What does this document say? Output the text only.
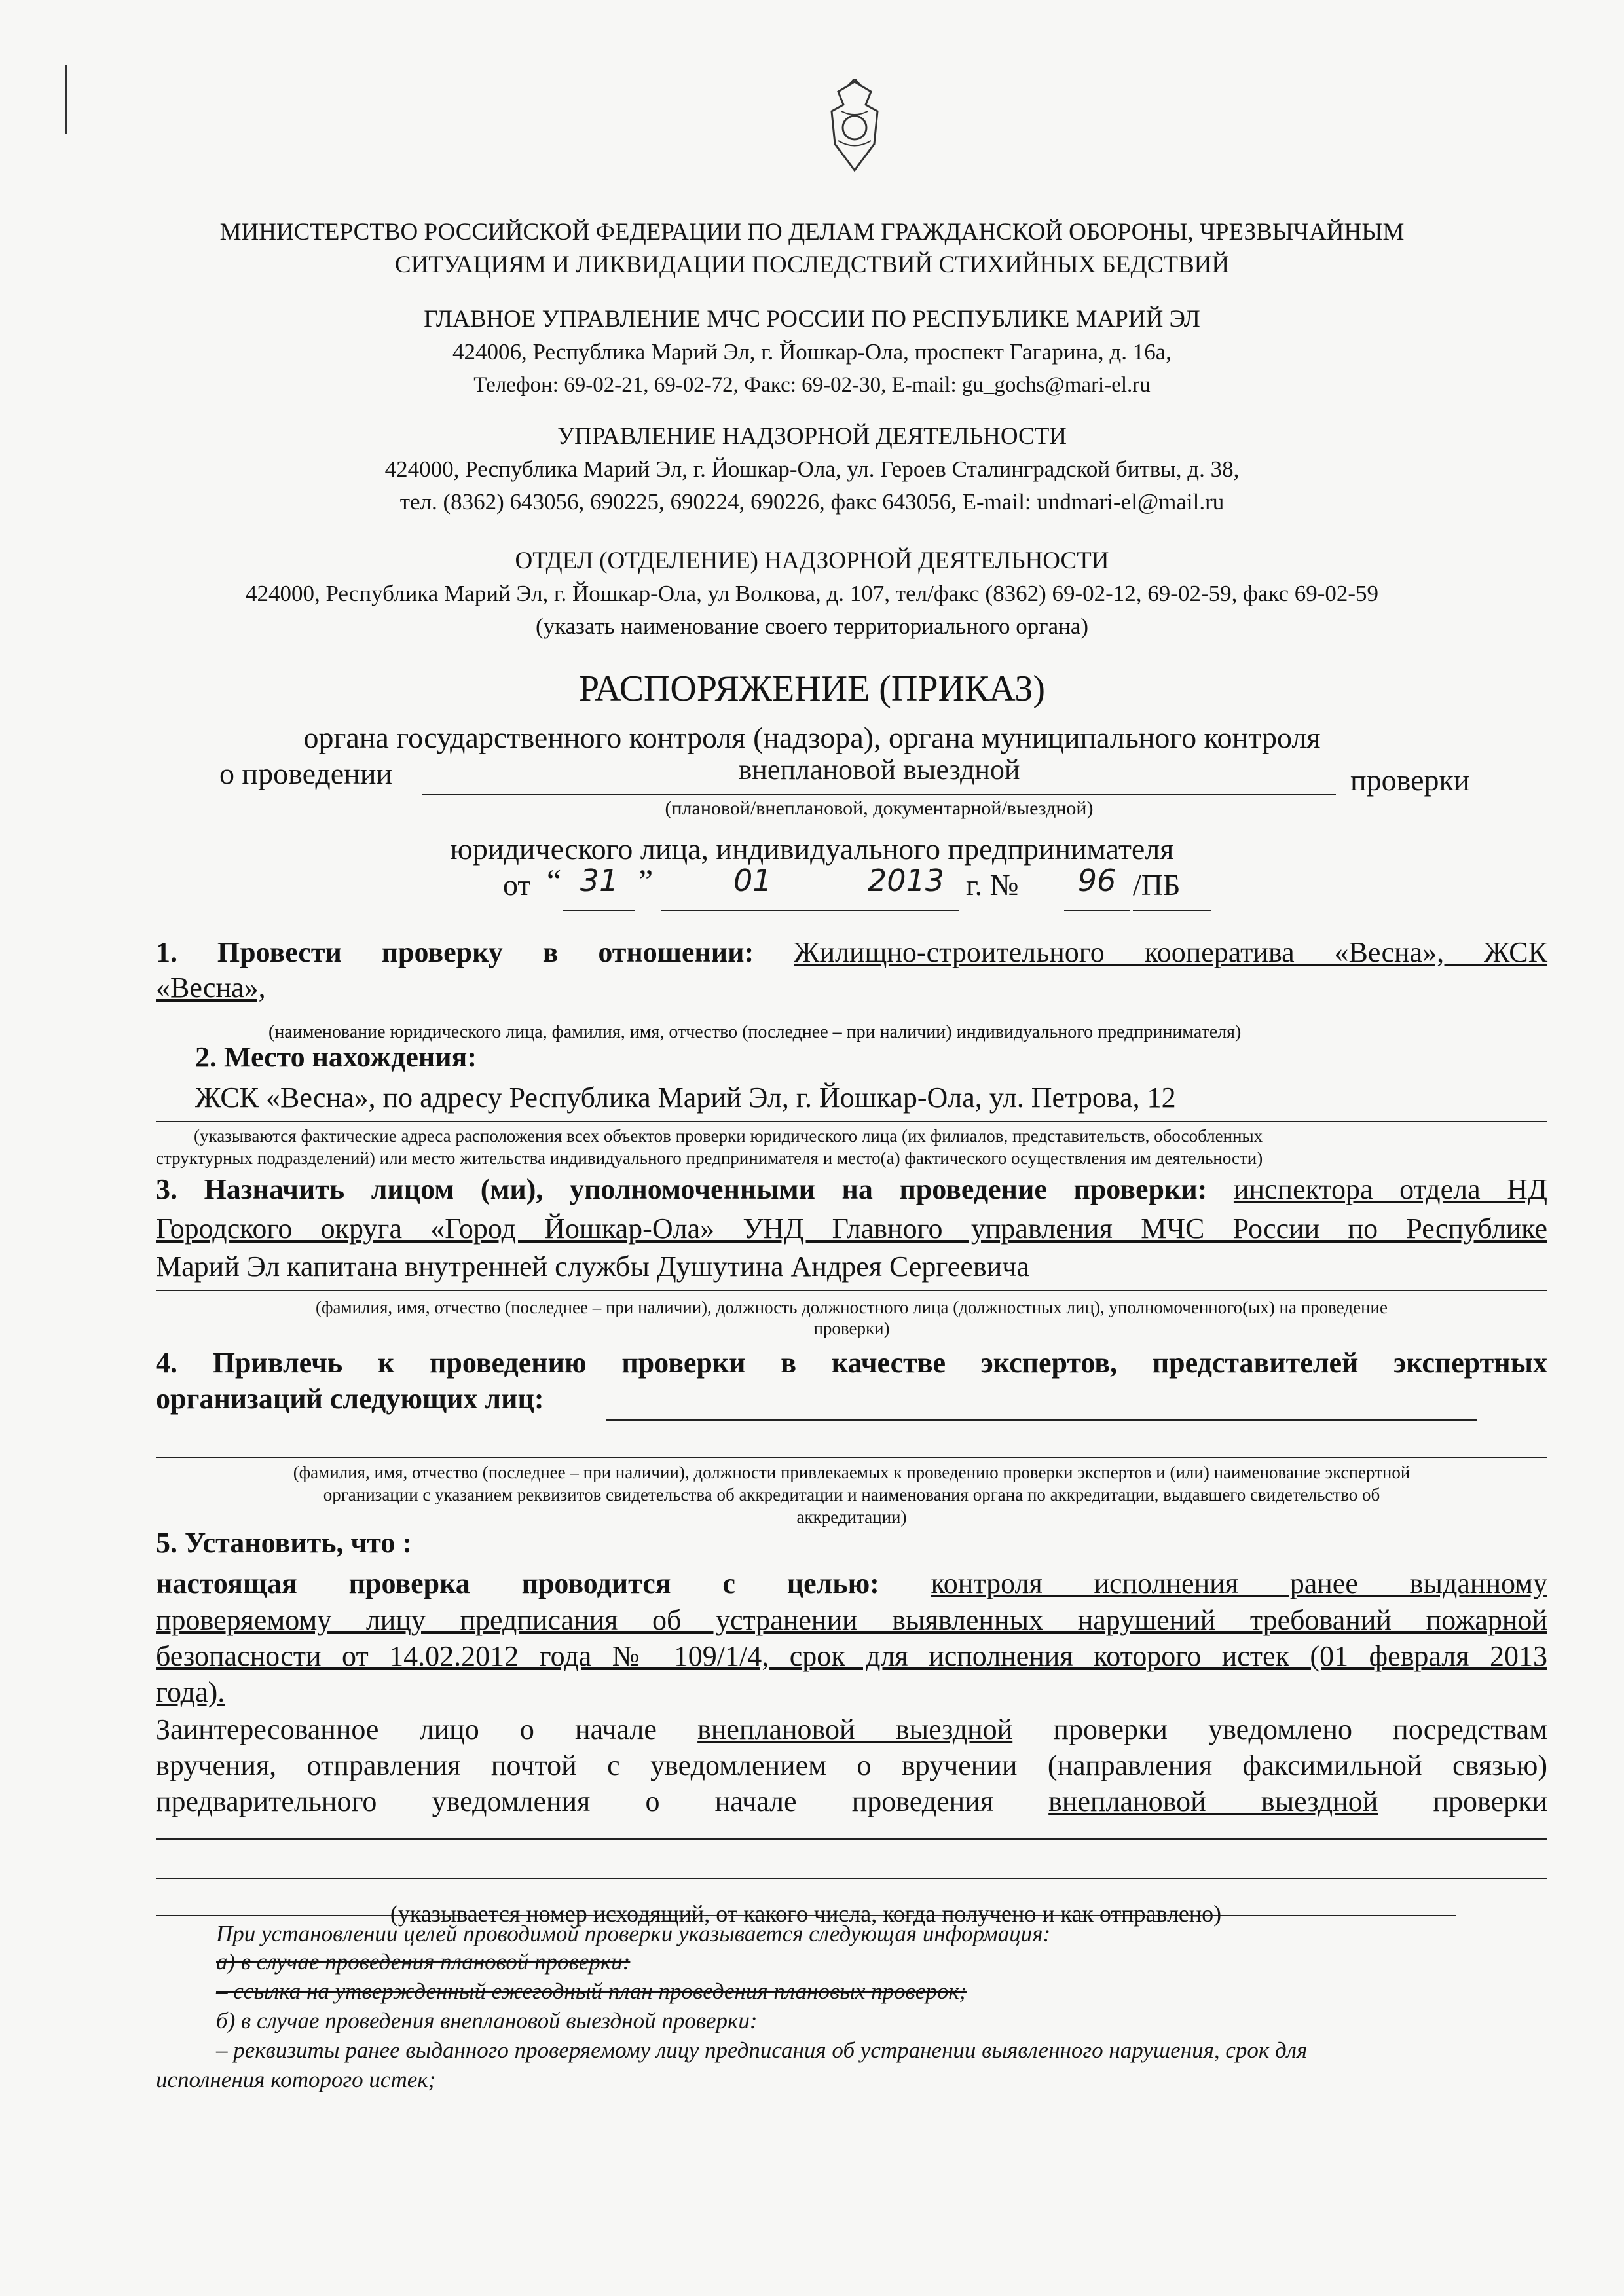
МИНИСТЕРСТВО РОССИЙСКОЙ ФЕДЕРАЦИИ ПО ДЕЛАМ ГРАЖДАНСКОЙ ОБОРОНЫ, ЧРЕЗВЫЧАЙНЫМ
СИТУАЦИЯМ И ЛИКВИДАЦИИ ПОСЛЕДСТВИЙ СТИХИЙНЫХ БЕДСТВИЙ
ГЛАВНОЕ УПРАВЛЕНИЕ МЧС РОССИИ ПО РЕСПУБЛИКЕ МАРИЙ ЭЛ
424006, Республика Марий Эл, г. Йошкар-Ола, проспект Гагарина, д. 16а,
Телефон: 69-02-21, 69-02-72, Факс: 69-02-30, E-mail: gu_gochs@mari-el.ru
УПРАВЛЕНИЕ НАДЗОРНОЙ ДЕЯТЕЛЬНОСТИ
424000, Республика Марий Эл, г. Йошкар-Ола, ул. Героев Сталинградской битвы, д. 38,
тел. (8362) 643056, 690225, 690224, 690226, факс 643056, E-mail: undmari-el@mail.ru
ОТДЕЛ (ОТДЕЛЕНИЕ) НАДЗОРНОЙ ДЕЯТЕЛЬНОСТИ
424000, Республика Марий Эл, г. Йошкар-Ола, ул Волкова, д. 107, тел/факс (8362) 69-02-12, 69-02-59, факс 69-02-59
(указать наименование своего территориального органа)
РАСПОРЯЖЕНИЕ (ПРИКАЗ)
органа государственного контроля (надзора), органа муниципального контроля
о проведении	внеплановой выездной	проверки
(плановой/внеплановой, документарной/выездной)
юридического лица, индивидуального предпринимателя
от “ 31 ”	01	2013 г. №	96 /ПБ
1. Провести проверку в отношении: Жилищно-строительного кооператива «Весна», ЖСК
«Весна»,
(наименование юридического лица, фамилия, имя, отчество (последнее – при наличии) индивидуального предпринимателя)
2. Место нахождения:
ЖСК «Весна», по адресу Республика Марий Эл, г. Йошкар-Ола, ул. Петрова, 12
(указываются фактические адреса расположения всех объектов проверки юридического лица (их филиалов, представительств, обособленных
структурных подразделений) или место жительства индивидуального предпринимателя и место(а) фактического осуществления им деятельности)
3. Назначить лицом (ми), уполномоченными на проведение проверки: инспектора отдела НД
Городского округа «Город Йошкар-Ола» УНД Главного управления МЧС России по Республике
Марий Эл капитана внутренней службы Душутина Андрея Сергеевича
(фамилия, имя, отчество (последнее – при наличии), должность должностного лица (должностных лиц), уполномоченного(ых) на проведение
проверки)
4. Привлечь к проведению проверки в качестве экспертов, представителей экспертных
организаций следующих лиц:
(фамилия, имя, отчество (последнее – при наличии), должности привлекаемых к проведению проверки экспертов и (или) наименование экспертной
организации с указанием реквизитов свидетельства об аккредитации и наименования органа по аккредитации, выдавшего свидетельство об
аккредитации)
5. Установить, что :
настоящая проверка проводится с целью: контроля исполнения ранее выданному
проверяемому лицу предписания об устранении выявленных нарушений требований пожарной
безопасности от 14.02.2012 года № 109/1/4, срок для исполнения которого истек (01 февраля 2013
года).
Заинтересованное лицо о начале внеплановой выездной проверки уведомлено посредствам
вручения, отправления почтой с уведомлением о вручении (направления факсимильной связью)
предварительного уведомления о начале проведения внеплановой выездной проверки
(указывается номер исходящий, от какого числа, когда получено и как отправлено)
При установлении целей проводимой проверки указывается следующая информация:
а) в случае проведения плановой проверки:
– ссылка на утвержденный ежегодный план проведения плановых проверок;
б) в случае проведения внеплановой выездной проверки:
– реквизиты ранее выданного проверяемому лицу предписания об устранении выявленного нарушения, срок для
исполнения которого истек;
